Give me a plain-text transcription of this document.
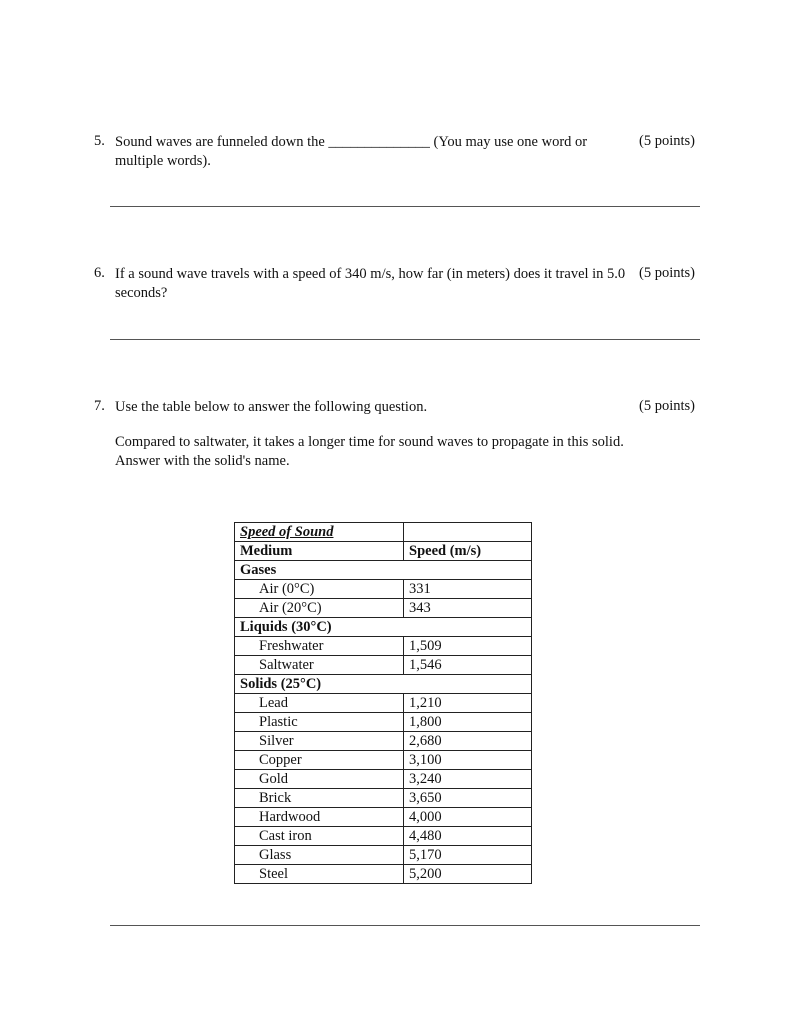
5. Sound waves are funneled down the ______________ (You may use one word or multiple words).
(5 points)
6. If a sound wave travels with a speed of 340 m/s, how far (in meters) does it travel in 5.0 seconds?
(5 points)
7. Use the table below to answer the following question.	(5 points)
Compared to saltwater, it takes a longer time for sound waves to propagate in this solid. Answer with the solid's name.
Speed of Sound	
Medium	Speed (m/s)
Gases	
Air (0°C)	331
Air (20°C)	343
Liquids (30°C)	
Freshwater	1,509
Saltwater	1,546
Solids (25°C)	
Lead	1,210
Plastic	1,800
Silver	2,680
Copper	3,100
Gold	3,240
Brick	3,650
Hardwood	4,000
Cast iron	4,480
Glass	5,170
Steel	5,200
